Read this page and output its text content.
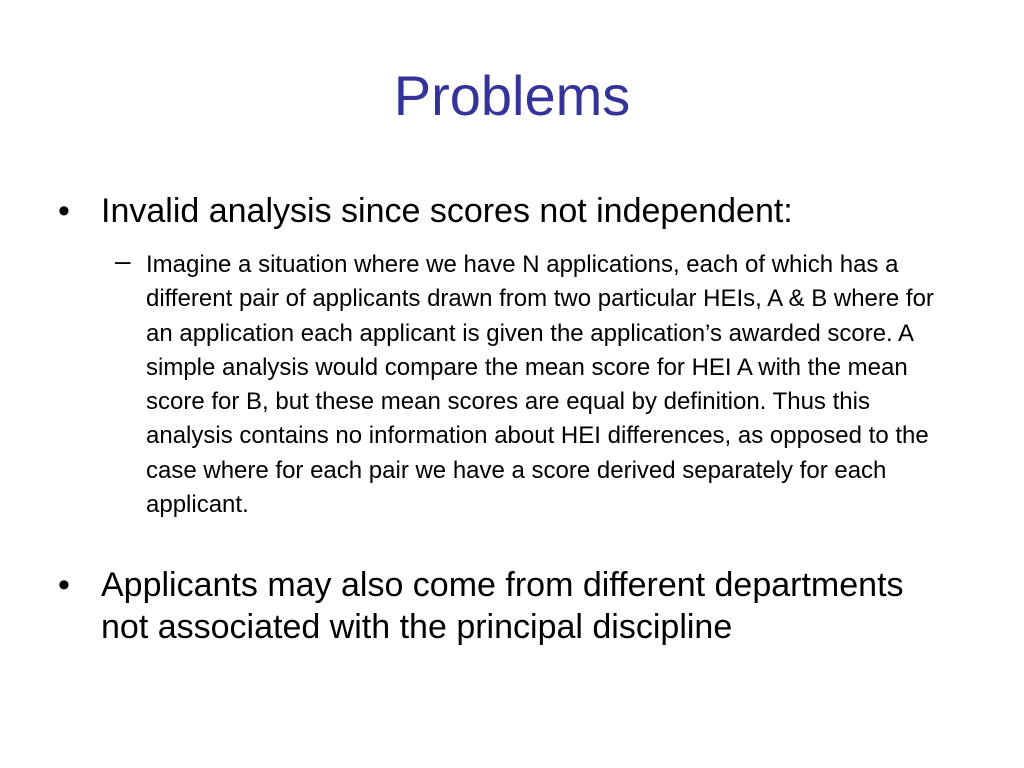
Problems
• Invalid analysis since scores not independent:
– Imagine a situation where we have N applications, each of which has a different pair of applicants drawn from two particular HEIs, A & B where for an application each applicant is given the application’s awarded score. A simple analysis would compare the mean score for HEI A with the mean score for B, but these mean scores are equal by definition. Thus this analysis contains no information about HEI differences, as opposed to the case where for each pair we have a score derived separately for each applicant.
• Applicants may also come from different departments not associated with the principal discipline
